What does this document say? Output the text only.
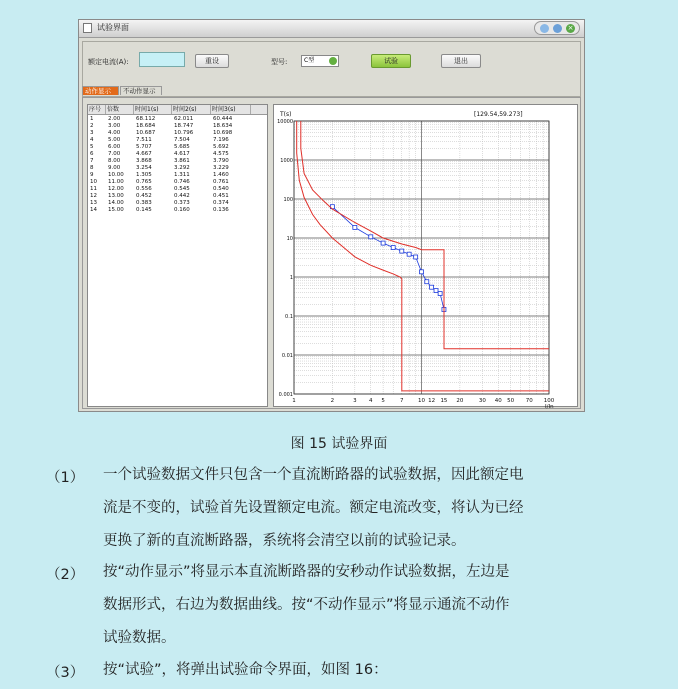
试验界面	×
额定电流(A):	重设	型号:	C型	试验	退出
动作显示	不动作显示
序号 倍数	时间1(s)	时间2(s)	时间3(s)
1	2.00	68.112	62.011	60.444
2	3.00	18.684	18.747	18.634
3	4.00	10.687	10.796	10.698
4	5.00	7.511	7.504	7.196
5	6.00	5.707	5.685	5.692
6	7.00	4.667	4.617	4.575
7	8.00	3.868	3.861	3.790
8	9.00	3.254	3.292	3.229
9	10.00 1.305	1.311	1.460
10 11.00 0.765	0.746	0.761
11 12.00 0.556	0.545	0.540
12 13.00 0.452	0.442	0.451
13 14.00 0.383	0.373	0.374
14 15.00 0.145	0.160	0.136
1	2	3 4 5	7	10 12 15 20	30 40 50 70 100
10000
1000
100
10
1
0.1
0.01
0.001
T(s)
I/In
[129.54,59.273]
图 15 试验界面
（1） 一个试验数据文件只包含一个直流断路器的试验数据，因此额定电
流是不变的，试验首先设置额定电流。额定电流改变，将认为已经
更换了新的直流断路器，系统将会清空以前的试验记录。
（2） 按“动作显示”将显示本直流断路器的安秒动作试验数据，左边是
数据形式，右边为数据曲线。按“不动作显示”将显示通流不动作
试验数据。
（3） 按“试验”，将弹出试验命令界面，如图 16：
